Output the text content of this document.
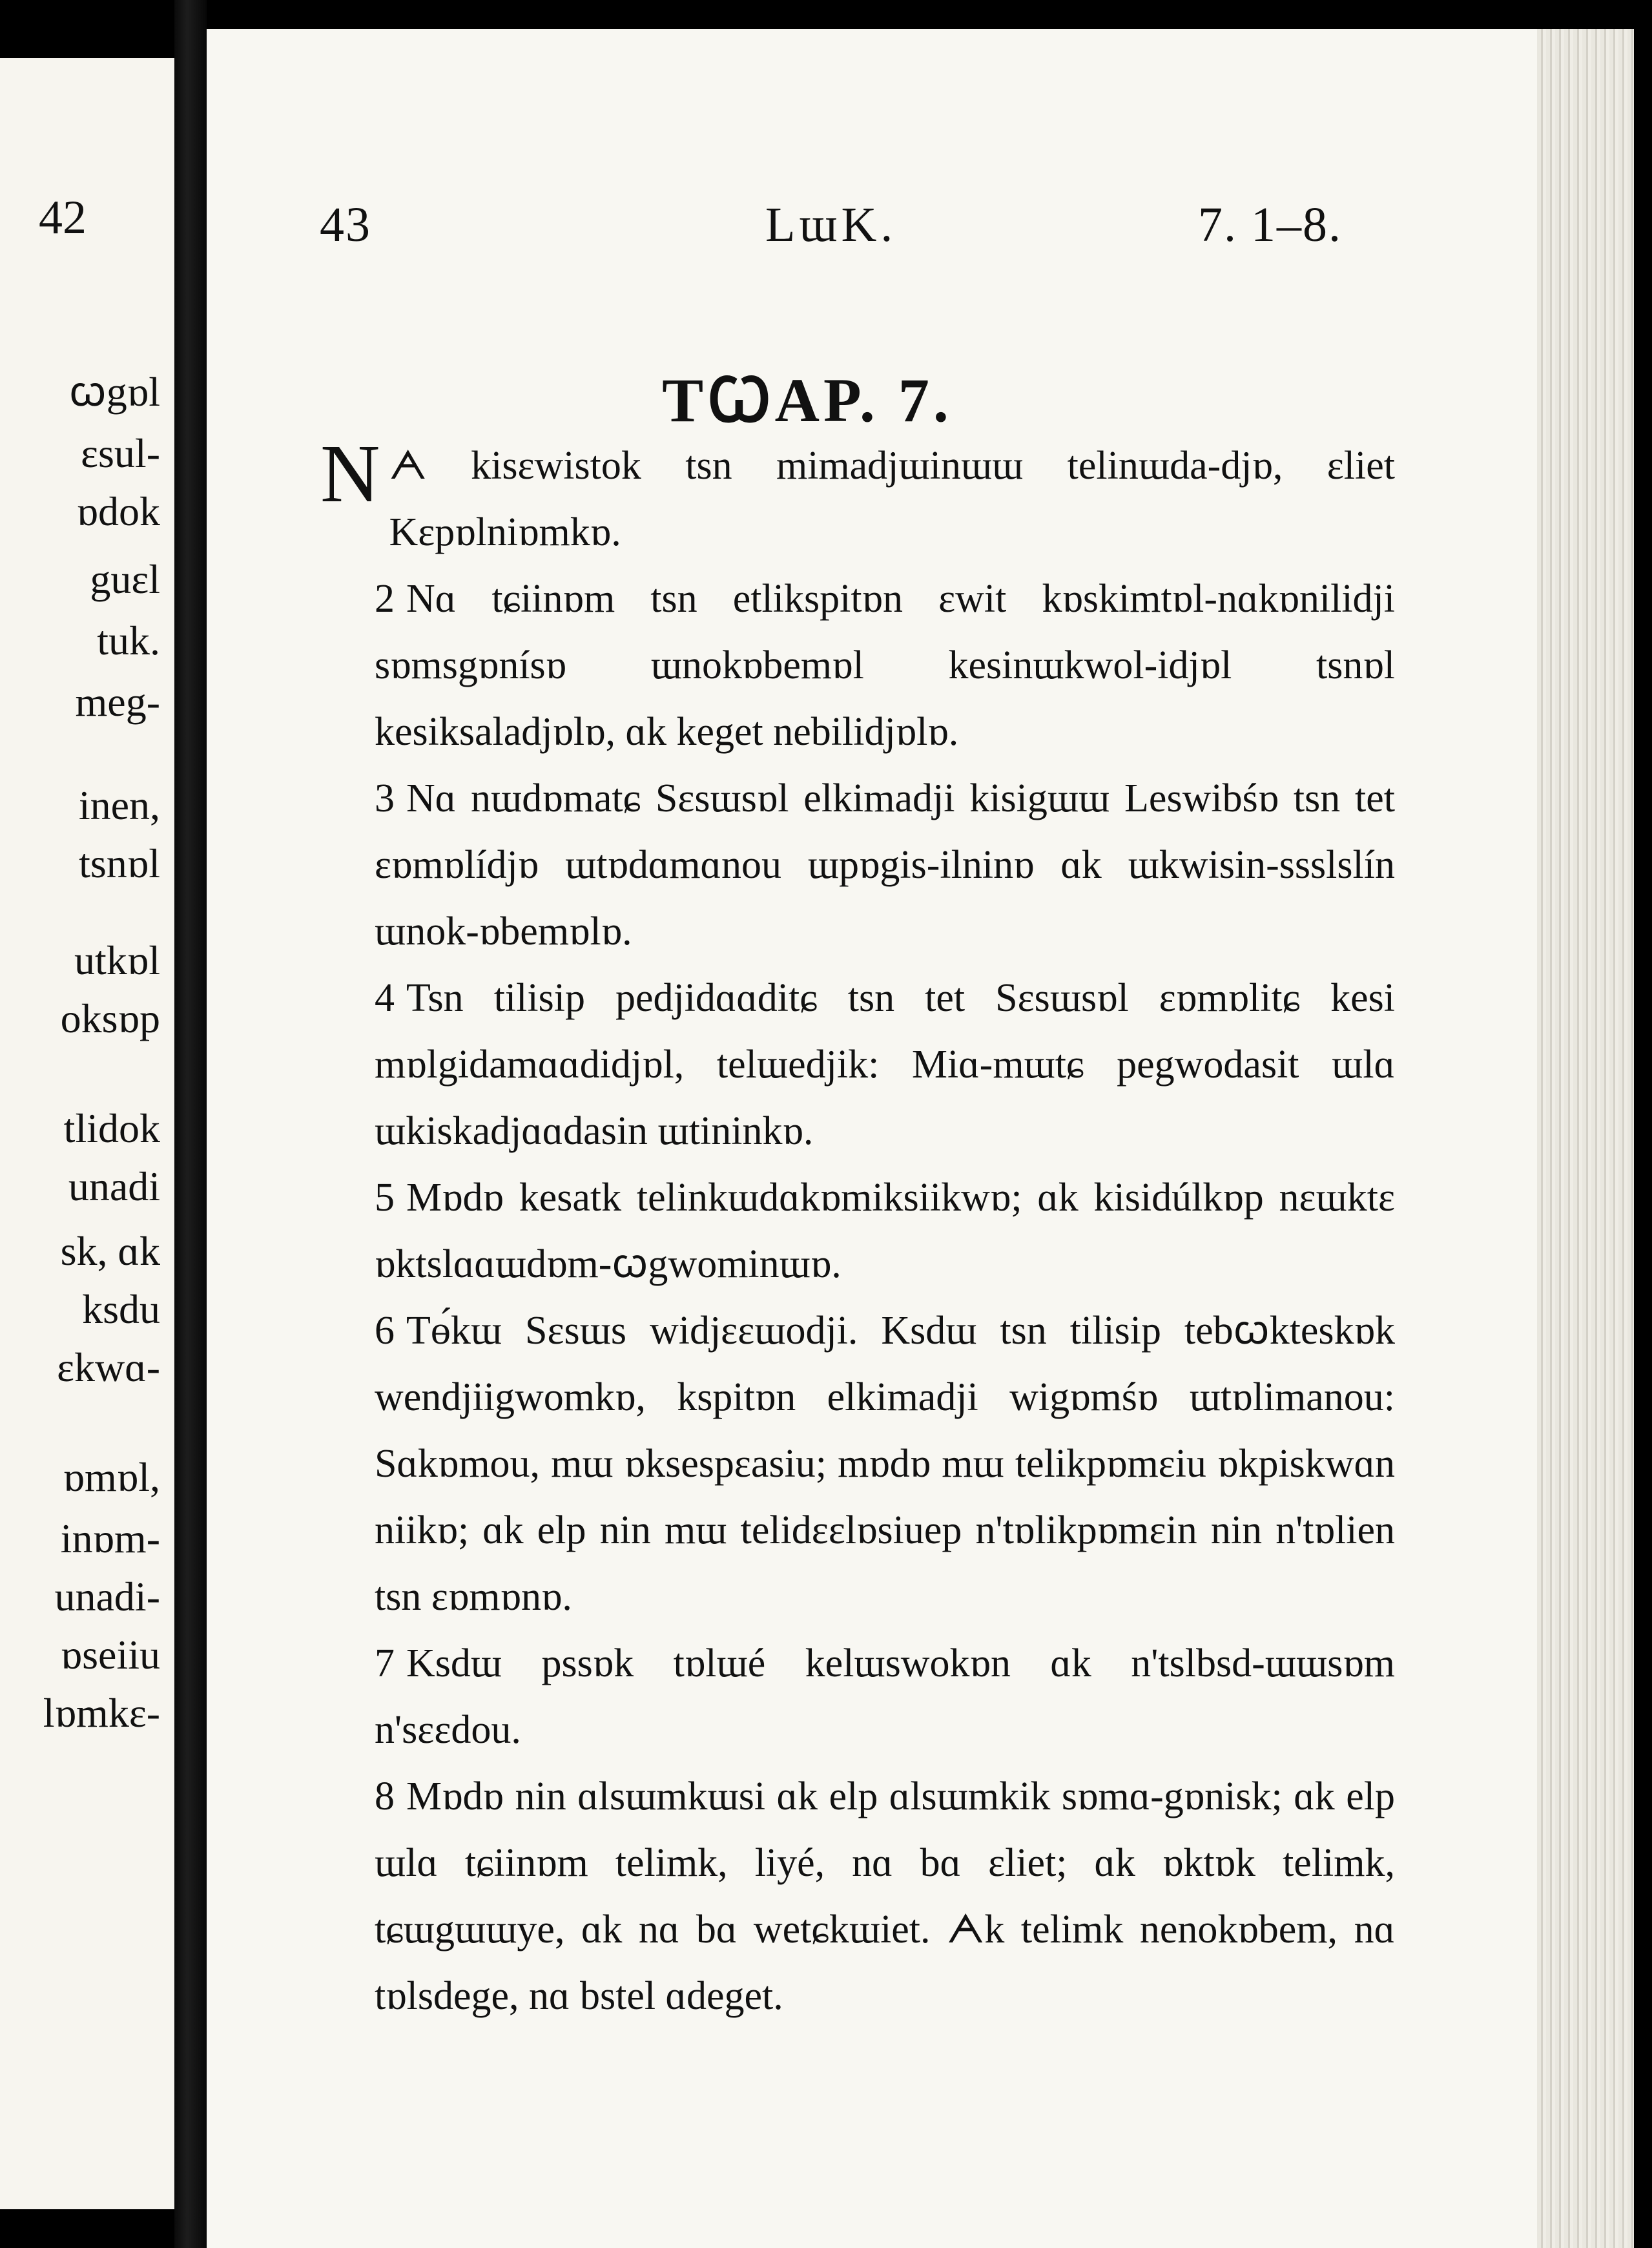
42
ꞷgɒl
ɛsul-
ɒdok
guɛl
tuk.
meg-
inen,
tsnɒl
utkɒl
oksɒp
tlidok
unadi
sk, ɑk
ksdu
ɛkwɑ-
ɒmɒl,
inɒm-
unadi-
ɒseiiu
lɒmkɛ-
43	LɯK.	7. 1–8.
TꞶAP. 7.

Nᗅ kisɛwistok tsn mimadjɯinɯɯ telinɯda-djɒ, ɛliet Kɛpɒlniɒmkɒ.

2 Nɑ tɕiinɒm tsn etlikspitɒn ɛwit kɒskimtɒl-nɑkɒnilidji sɒmsgɒnísɒ ɯnokɒbemɒl kesinɯkwol-idjɒl tsnɒl kesiksaladjɒlɒ, ɑk keget nebilidjɒlɒ.

3 Nɑ nɯdɒmatɕ Sɛsɯsɒl elkimadji kisigɯɯ Leswibśɒ tsn tet ɛɒmɒlídjɒ ɯtɒdɑmɑnou ɯpɒgis-ilninɒ ɑk ɯkwisin-ssslslín ɯnok-ɒbemɒlɒ.

4 Tsn tilisip pedjidɑɑditɕ tsn tet Sɛsɯsɒl ɛɒmɒlitɕ kesi mɒlgidamɑɑdidjɒl, telɯedjik: Miɑ-mɯtɕ pegwodasit ɯlɑ ɯkiskadjɑɑdasin ɯtininkɒ.

5 Mɒdɒ kesatk telinkɯdɑkɒmiksiikwɒ; ɑk kisidúlkɒp nɛɯktɛ ɒktslɑɑɯdɒm-ꞷgwominɯɒ.

6 Tɵ́kɯ Sɛsɯs widjɛɛɯodji. Ksdɯ tsn tilisip tebꞷkteskɒk wendjiigwomkɒ, kspitɒn elkimadji wigɒmśɒ ɯtɒlimanou: Sɑkɒmou, mɯ ɒksespɛasiu; mɒdɒ mɯ telikpɒmɛiu ɒkpiskwɑn niikɒ; ɑk elp nin mɯ telidɛɛlɒsiuep n'tɒlikpɒmɛin nin n'tɒlien tsn ɛɒmɒnɒ.

7 Ksdɯ pssɒk tɒlɯé kelɯswokɒn ɑk n'tslbsd-ɯɯsɒm n'sɛɛdou.

8 Mɒdɒ nin ɑlsɯmkɯsi ɑk elp ɑlsɯmkik sɒmɑ-gɒnisk; ɑk elp ɯlɑ tɕiinɒm telimk, liyé, nɑ bɑ ɛliet; ɑk ɒktɒk telimk, tɕɯgɯɯye, ɑk nɑ bɑ wetɕkɯiet. ᗅk telimk nenokɒbem, nɑ tɒlsdege, nɑ bstel ɑdeget.
